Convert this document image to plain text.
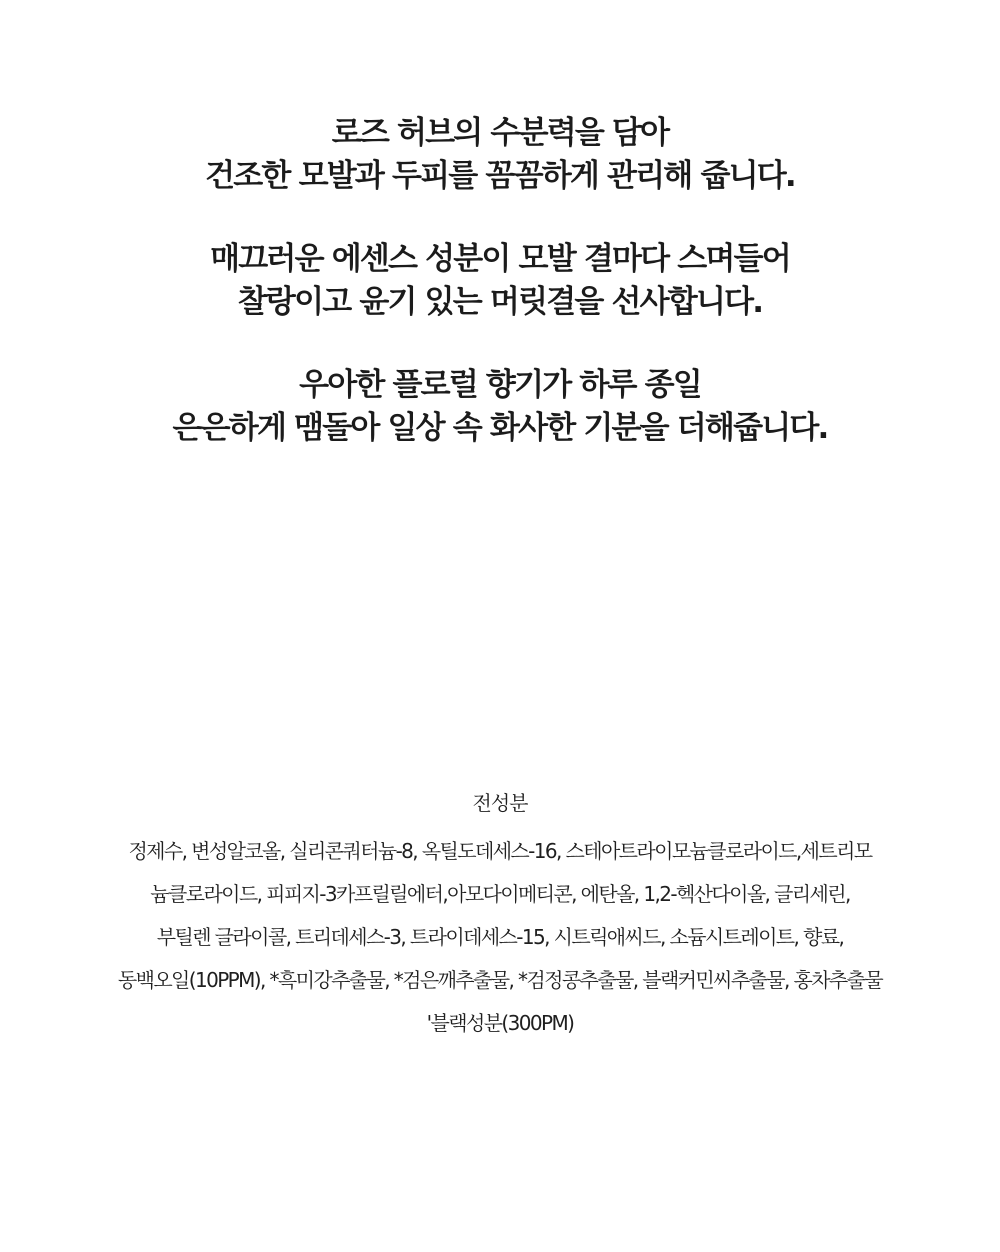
로즈 허브의 수분력을 담아
건조한 모발과 두피를 꼼꼼하게 관리해 줍니다.
매끄러운 에센스 성분이 모발 결마다 스며들어
찰랑이고 윤기 있는 머릿결을 선사합니다.
우아한 플로럴 향기가 하루 종일
은은하게 맴돌아 일상 속 화사한 기분을 더해줍니다.
전성분
정제수, 변성알코올, 실리콘쿼터늄-8, 옥틸도데세스-16, 스테아트라이모늄클로라이드,세트리모
늄클로라이드, 피피지-3카프릴릴에터,아모다이메티콘, 에탄올, 1,2-헥산다이올, 글리세린,
부틸렌 글라이콜, 트리데세스-3, 트라이데세스-15, 시트릭애씨드, 소듐시트레이트, 향료,
동백오일(10PPM), *흑미강추출물, *검은깨추출물, *검정콩추출물, 블랙커민씨추출물, 홍차추출물
'블랙성분(300PM)
